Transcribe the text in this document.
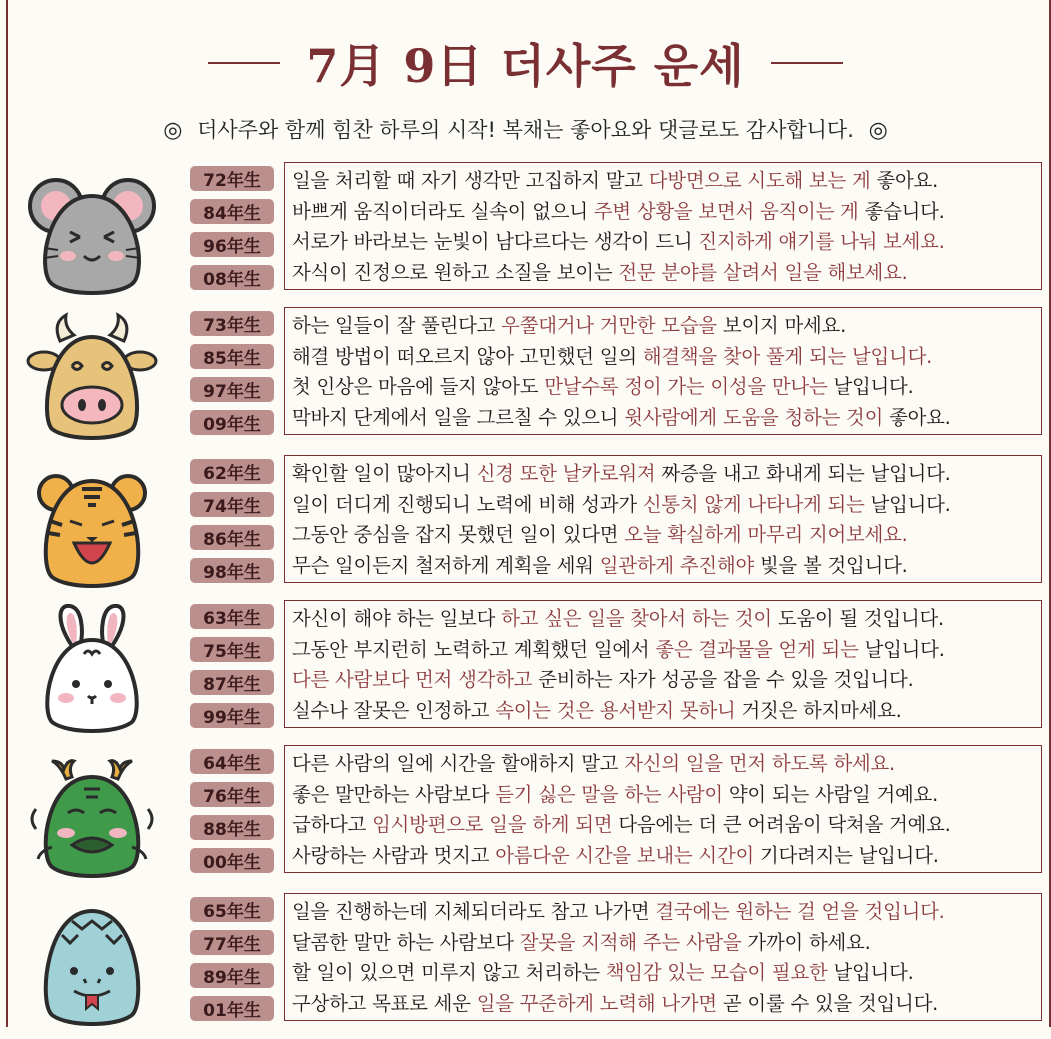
7月 9日 더사주 운세
◎ 더사주와 함께 힘찬 하루의 시작! 복채는 좋아요와 댓글로도 감사합니다. ◎
72年生
84年生
96年生
08年生
일을 처리할 때 자기 생각만 고집하지 말고 다방면으로 시도해 보는 게 좋아요.
바쁘게 움직이더라도 실속이 없으니 주변 상황을 보면서 움직이는 게 좋습니다.
서로가 바라보는 눈빛이 남다르다는 생각이 드니 진지하게 얘기를 나눠 보세요.
자식이 진정으로 원하고 소질을 보이는 전문 분야를 살려서 일을 해보세요.
73年生
85年生
97年生
09年生
하는 일들이 잘 풀린다고 우쭐대거나 거만한 모습을 보이지 마세요.
해결 방법이 떠오르지 않아 고민했던 일의 해결책을 찾아 풀게 되는 날입니다.
첫 인상은 마음에 들지 않아도 만날수록 정이 가는 이성을 만나는 날입니다.
막바지 단계에서 일을 그르칠 수 있으니 윗사람에게 도움을 청하는 것이 좋아요.
62年生
74年生
86年生
98年生
확인할 일이 많아지니 신경 또한 날카로워져 짜증을 내고 화내게 되는 날입니다.
일이 더디게 진행되니 노력에 비해 성과가 신통치 않게 나타나게 되는 날입니다.
그동안 중심을 잡지 못했던 일이 있다면 오늘 확실하게 마무리 지어보세요.
무슨 일이든지 철저하게 계획을 세워 일관하게 추진해야 빛을 볼 것입니다.
63年生
75年生
87年生
99年生
자신이 해야 하는 일보다 하고 싶은 일을 찾아서 하는 것이 도움이 될 것입니다.
그동안 부지런히 노력하고 계획했던 일에서 좋은 결과물을 얻게 되는 날입니다.
다른 사람보다 먼저 생각하고 준비하는 자가 성공을 잡을 수 있을 것입니다.
실수나 잘못은 인정하고 속이는 것은 용서받지 못하니 거짓은 하지마세요.
64年生
76年生
88年生
00年生
다른 사람의 일에 시간을 할애하지 말고 자신의 일을 먼저 하도록 하세요.
좋은 말만하는 사람보다 듣기 싫은 말을 하는 사람이 약이 되는 사람일 거예요.
급하다고 임시방편으로 일을 하게 되면 다음에는 더 큰 어려움이 닥쳐올 거예요.
사랑하는 사람과 멋지고 아름다운 시간을 보내는 시간이 기다려지는 날입니다.
65年生
77年生
89年生
01年生
일을 진행하는데 지체되더라도 참고 나가면 결국에는 원하는 걸 얻을 것입니다.
달콤한 말만 하는 사람보다 잘못을 지적해 주는 사람을 가까이 하세요.
할 일이 있으면 미루지 않고 처리하는 책임감 있는 모습이 필요한 날입니다.
구상하고 목표로 세운 일을 꾸준하게 노력해 나가면 곧 이룰 수 있을 것입니다.
